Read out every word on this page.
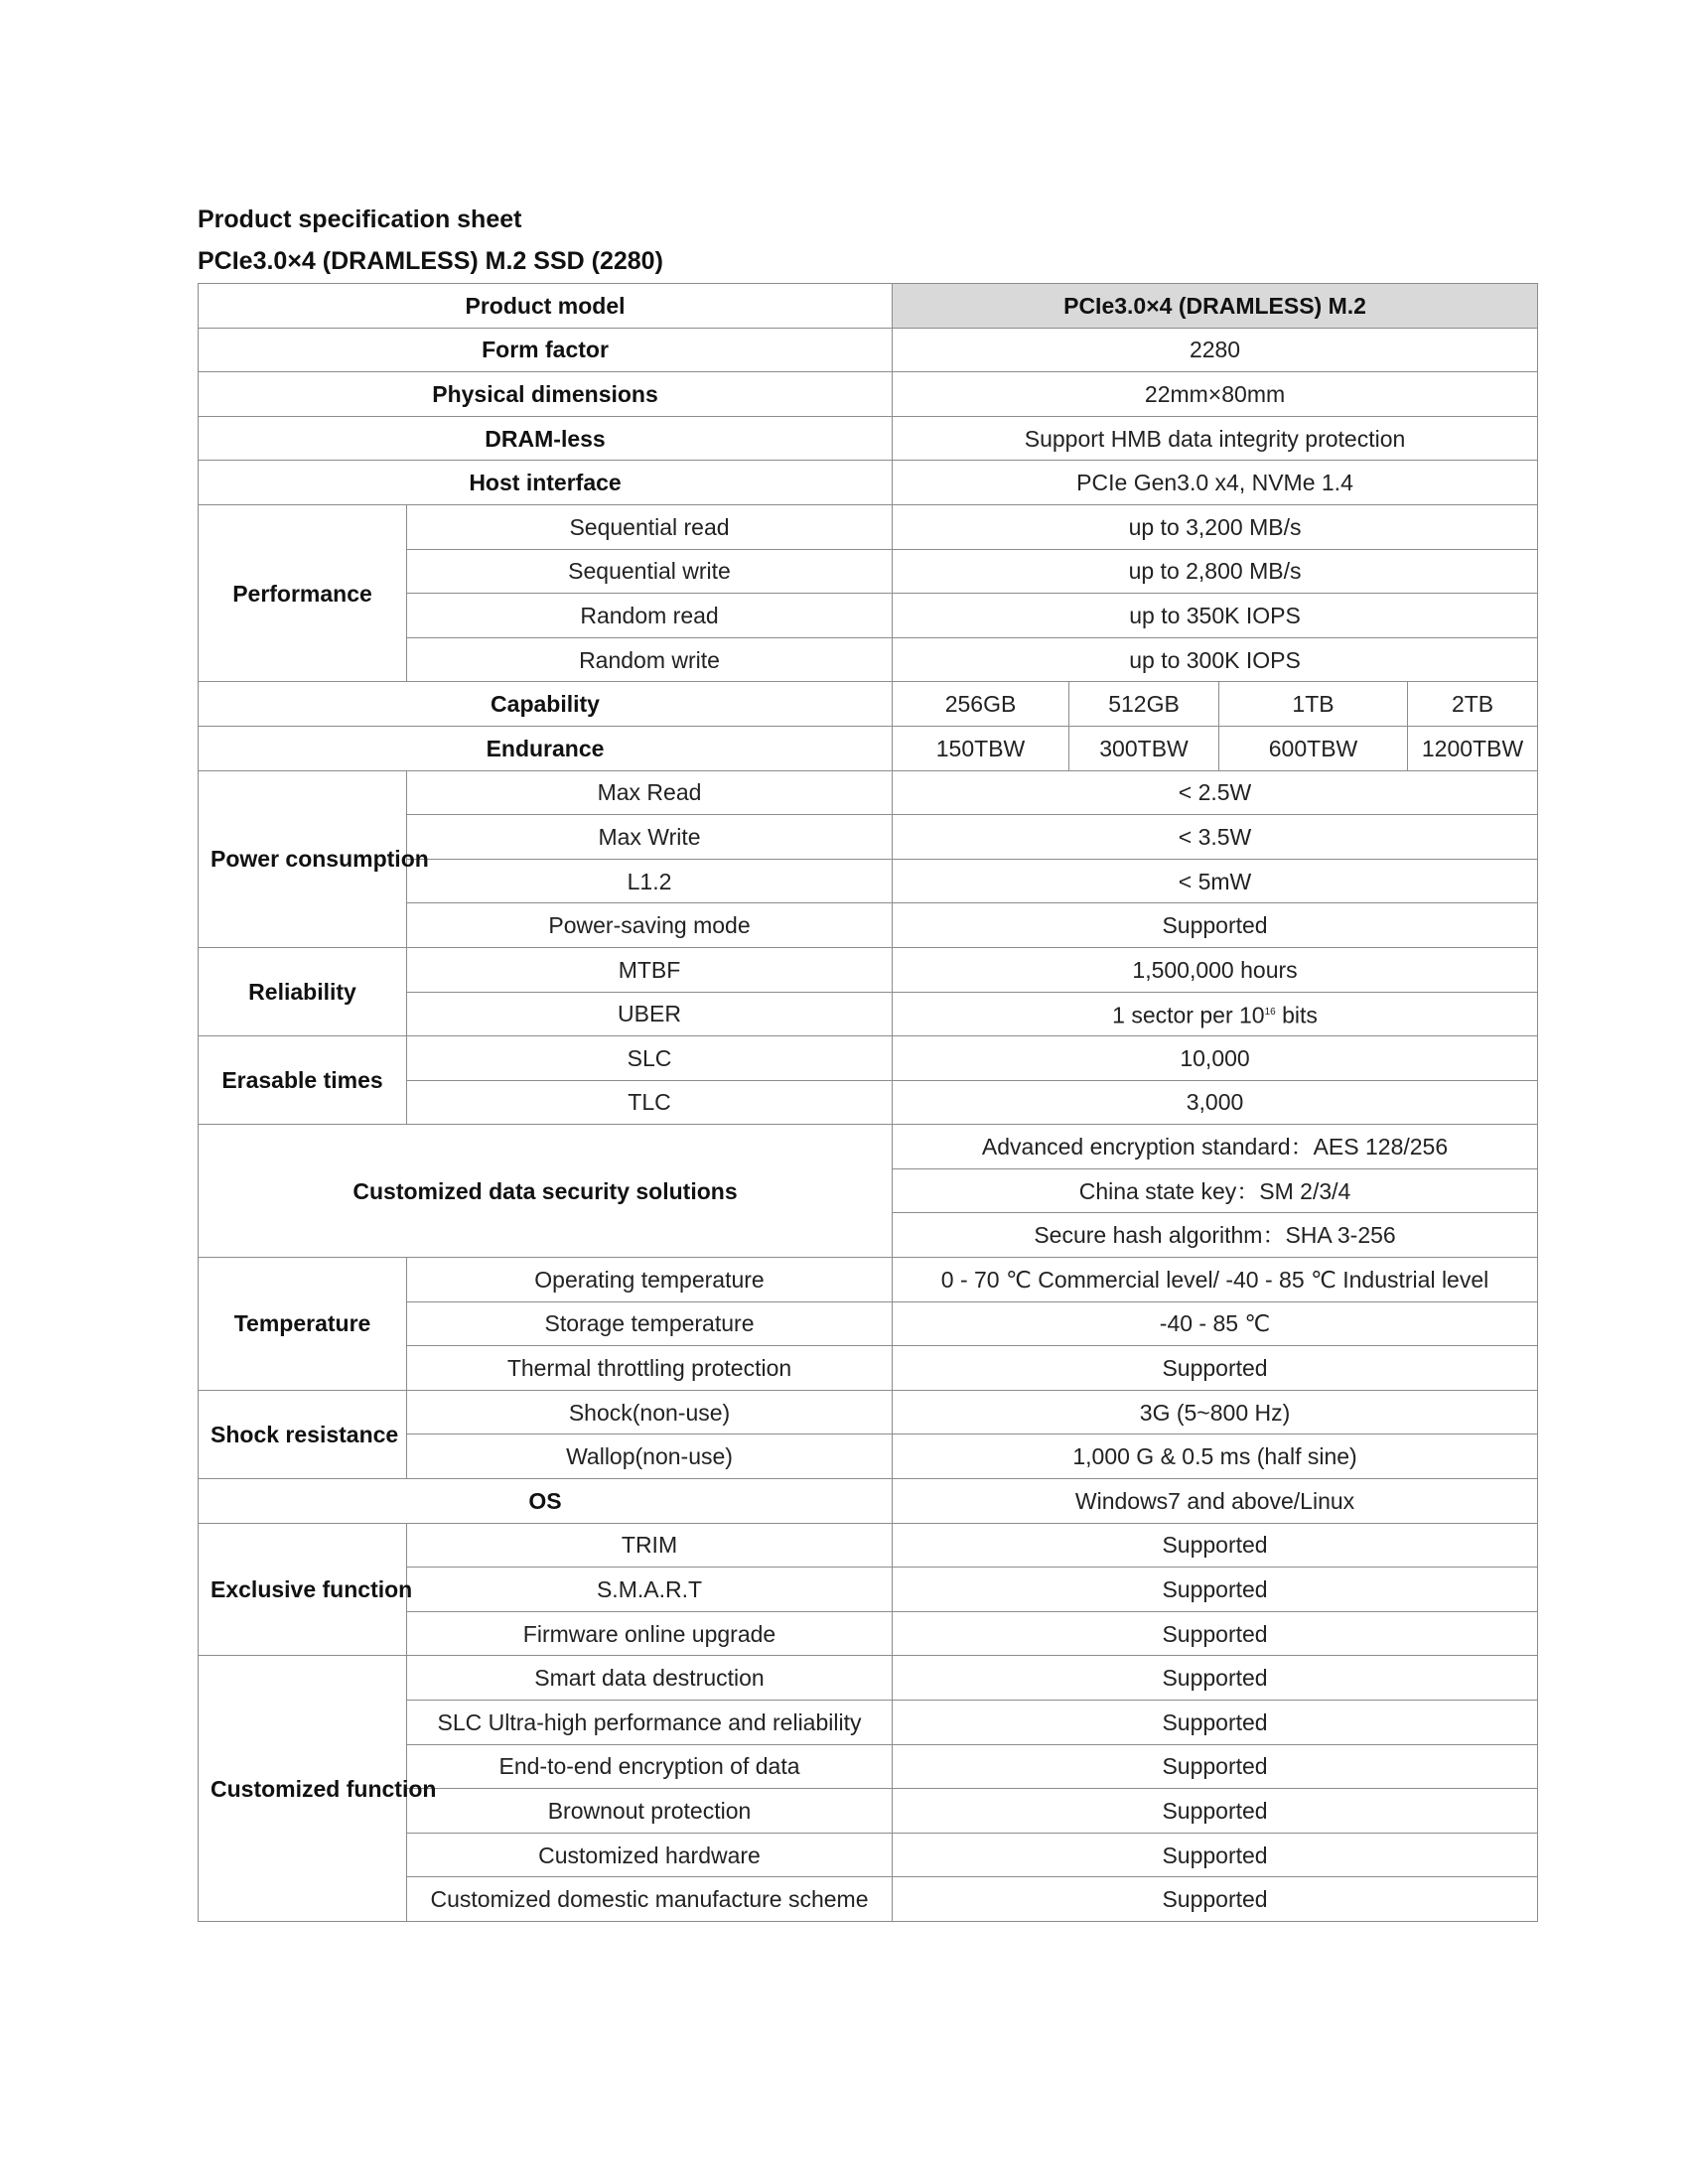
Product specification sheet
PCIe3.0×4 (DRAMLESS) M.2 SSD (2280)
Product model		PCIe3.0×4 (DRAMLESS) M.2			
Form factor		2280			
Physical dimensions		22mm×80mm			
DRAM-less		Support HMB data integrity protection			
Host interface		PCIe Gen3.0 x4, NVMe 1.4			
Performance	Sequential read	up to 3,200 MB/s			
	Sequential write	up to 2,800 MB/s			
	Random read	up to 350K IOPS			
	Random write	up to 300K IOPS			
Capability		256GB	512GB	1TB	2TB
Endurance		150TBW	300TBW	600TBW	1200TBW
Power consumption	Max Read	< 2.5W			
	Max Write	< 3.5W			
	L1.2	< 5mW			
	Power-saving mode	Supported			
Reliability	MTBF	1,500,000 hours			
	UBER	1 sector per $10^{16}$ bits			
Erasable times	SLC	10,000			
	TLC	3,000			
Customized data security solutions		Advanced encryption standard：AES 128/256			
		China state key：SM 2/3/4			
		Secure hash algorithm：SHA 3-256			
Temperature	Operating temperature	0 - 70 ℃ Commercial level/ -40 - 85 ℃ Industrial level			
	Storage temperature	-40 - 85 ℃			
	Thermal throttling protection	Supported			
Shock resistance	Shock(non-use)	3G (5~800 Hz)			
	Wallop(non-use)	1,000 G & 0.5 ms (half sine)			
OS		Windows7 and above/Linux			
Exclusive function	TRIM	Supported			
	S.M.A.R.T	Supported			
	Firmware online upgrade	Supported			
Customized function	Smart data destruction	Supported			
	SLC Ultra-high performance and reliability	Supported			
	End-to-end encryption of data	Supported			
	Brownout protection	Supported			
	Customized hardware	Supported			
	Customized domestic manufacture scheme	Supported			
